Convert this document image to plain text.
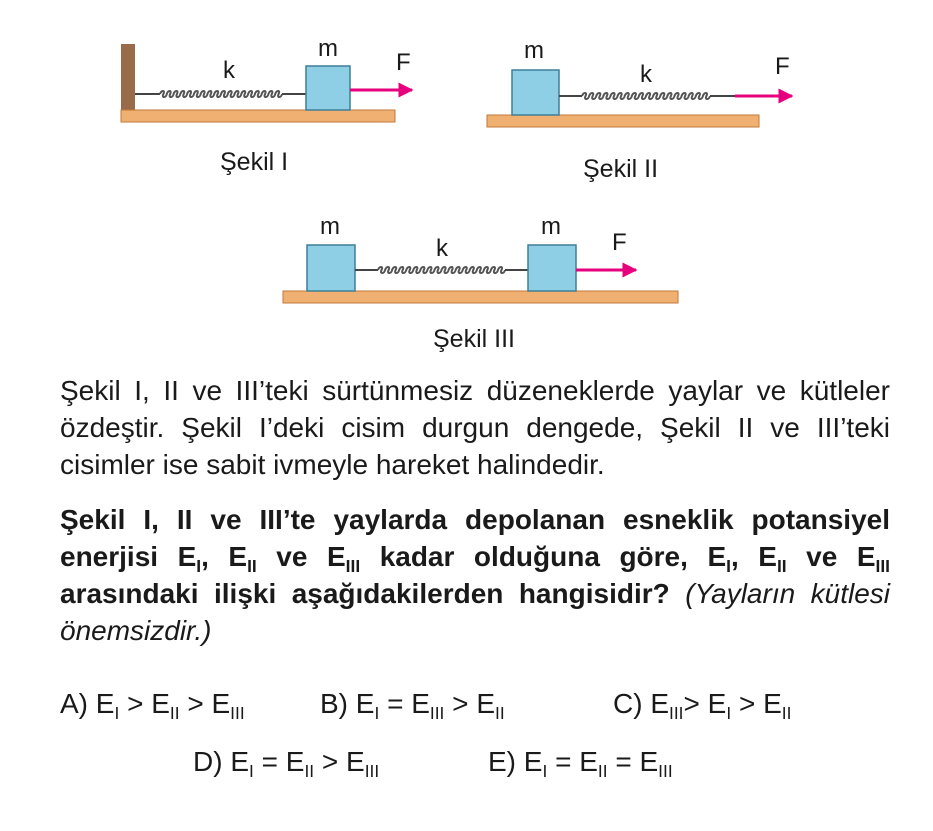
k
m
F	m
k	F
m
k
m
F
Şekil I	Şekil II
Şekil III
Şekil I, II ve III’teki sürtünmesiz düzeneklerde yaylar ve kütleler özdeştir. Şekil I’deki cisim durgun dengede, Şekil II ve III’teki cisimler ise sabit ivmeyle hareket halindedir.
Şekil I, II ve III’te yaylarda depolanan esneklik potansiyel enerjisi $E_I$, $E_{II}$ ve $E_{III}$ kadar olduğuna göre, $E_I$, $E_{II}$ ve $E_{III}$ arasındaki ilişki aşağıdakilerden hangisidir? (Yayların kütlesi önemsizdir.)
A) $E_I > E_{II} > E_{III}$	B) $E_I = E_{III} > E_{II}$	C) $E_{III}> E_I > E_{II}$
D) $E_I = E_{II} > E_{III}$	E) $E_I = E_{II} = E_{III}$
